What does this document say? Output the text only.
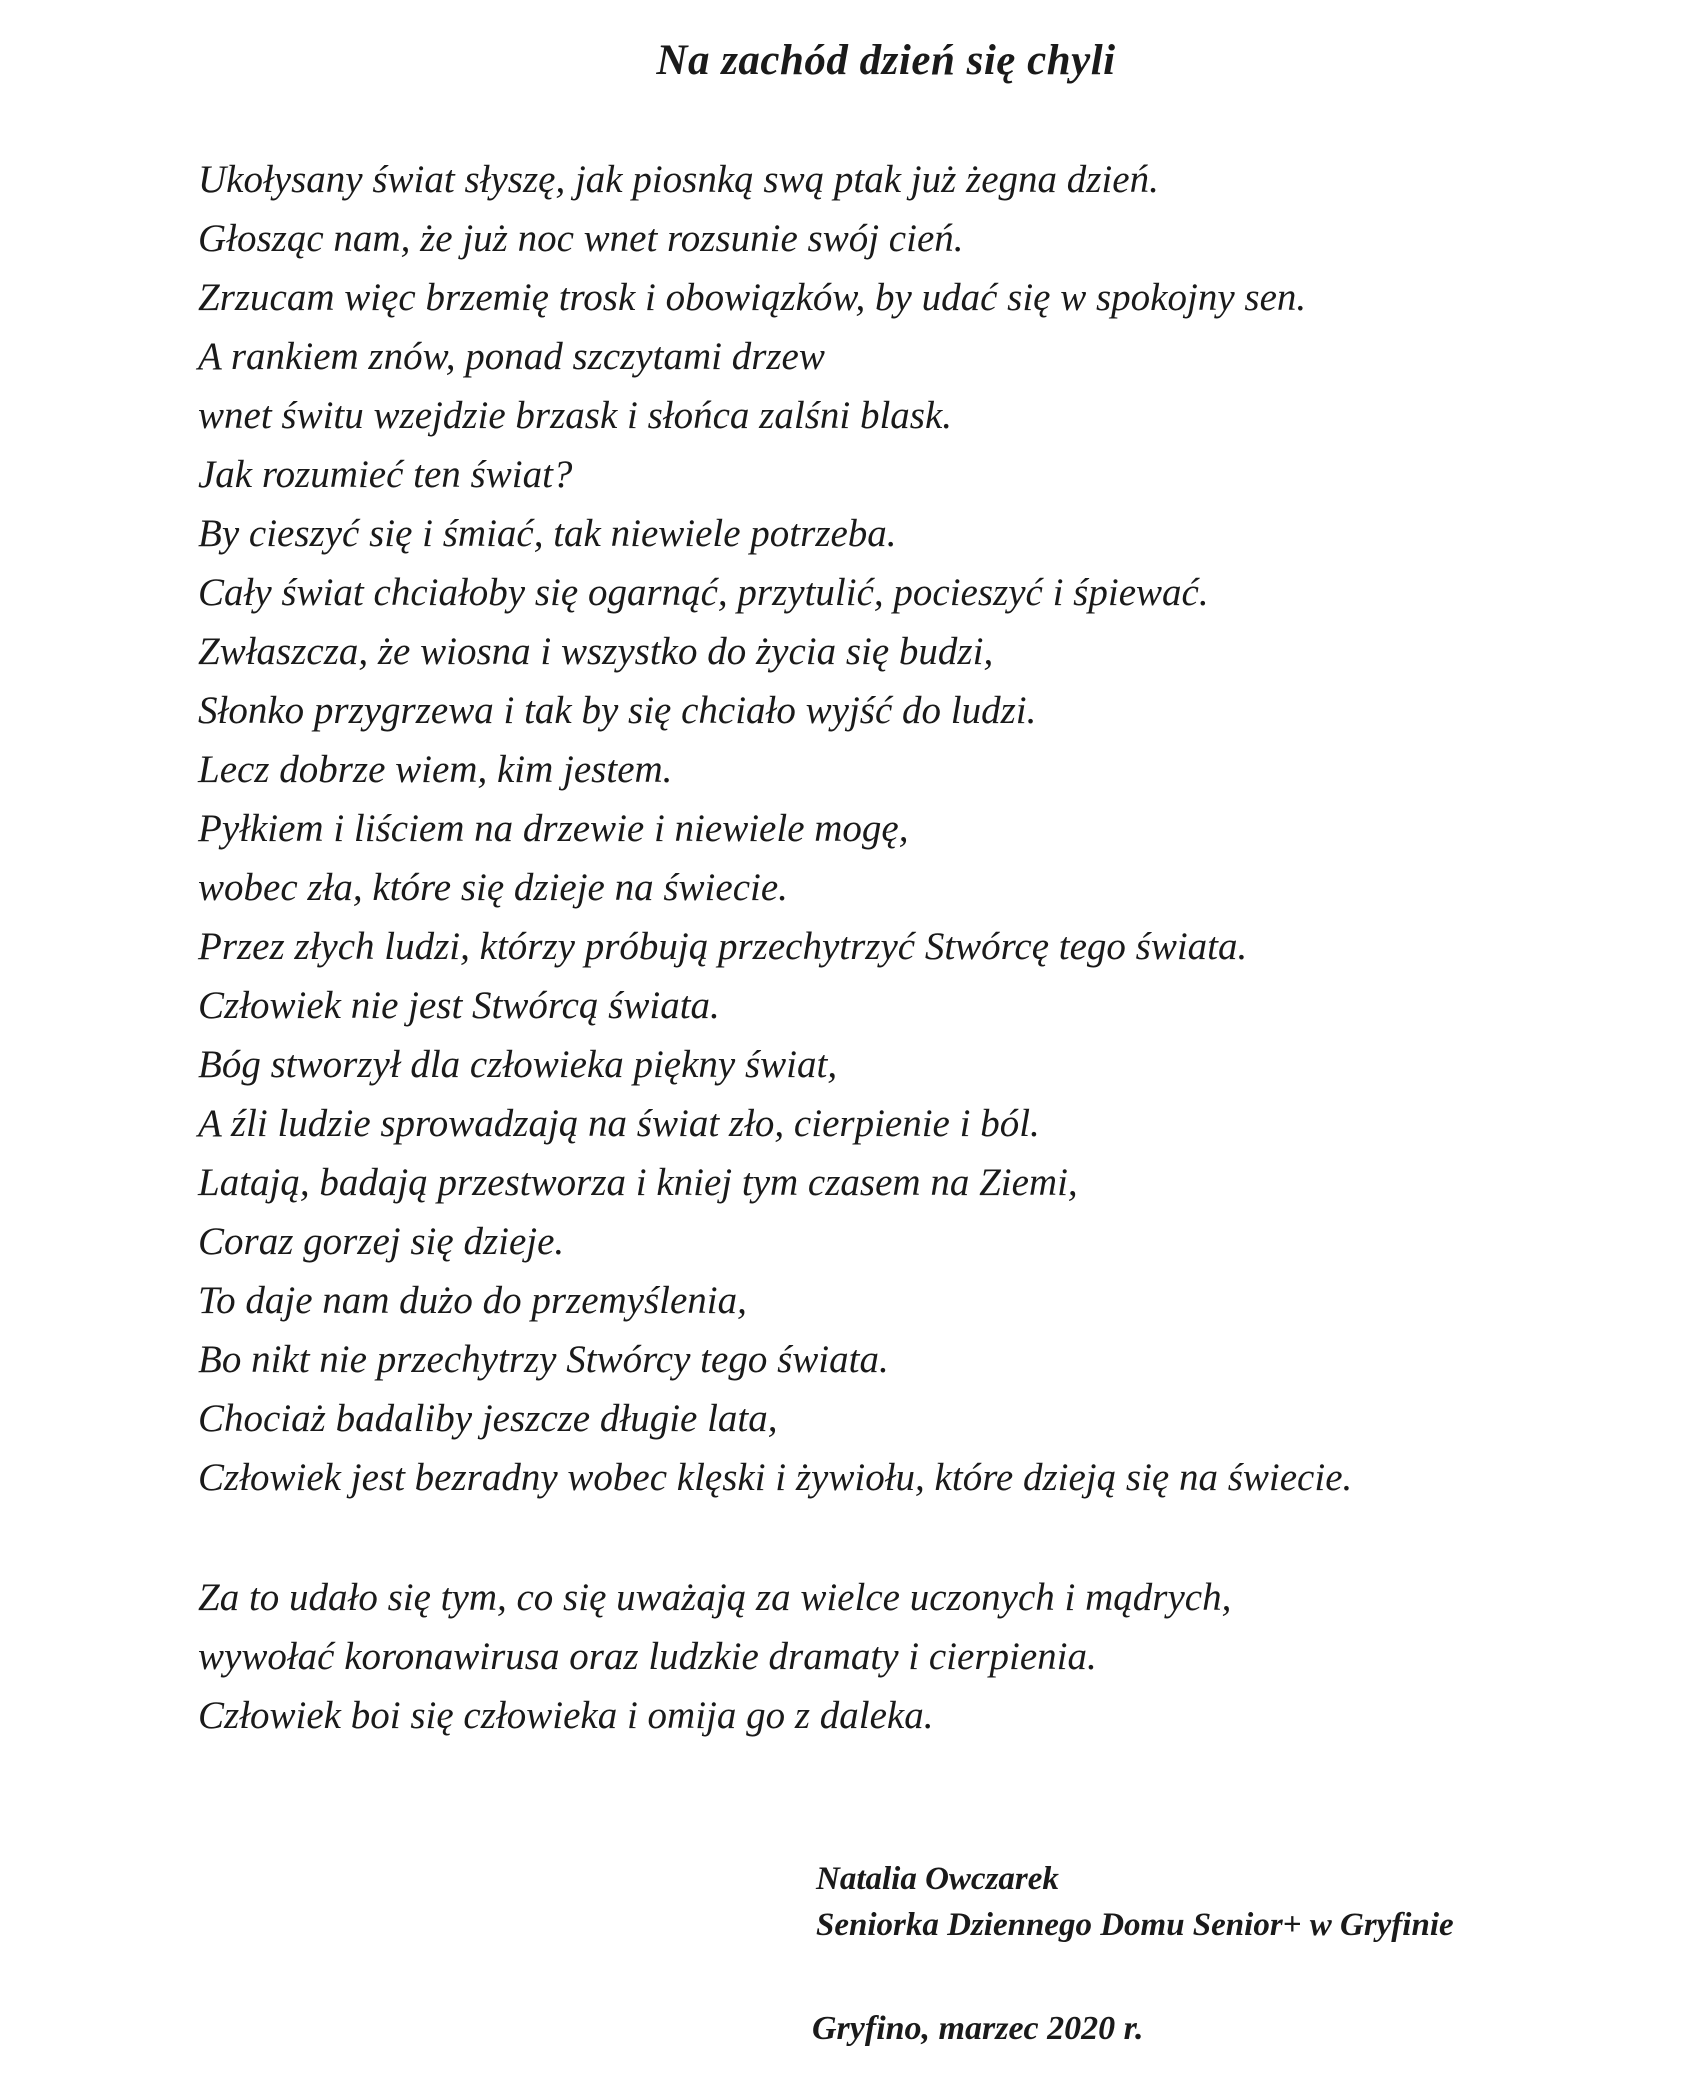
Na zachód dzień się chyli
Ukołysany świat słyszę, jak piosnką swą ptak już żegna dzień.
Głosząc nam, że już noc wnet rozsunie swój cień.
Zrzucam więc brzemię trosk i obowiązków, by udać się w spokojny sen.
A rankiem znów, ponad szczytami drzew
wnet świtu wzejdzie brzask i słońca zalśni blask.
Jak rozumieć ten świat?
By cieszyć się i śmiać, tak niewiele potrzeba.
Cały świat chciałoby się ogarnąć, przytulić, pocieszyć i śpiewać.
Zwłaszcza, że wiosna i wszystko do życia się budzi,
Słonko przygrzewa i tak by się chciało wyjść do ludzi.
Lecz dobrze wiem, kim jestem.
Pyłkiem i liściem na drzewie i niewiele mogę,
wobec zła, które się dzieje na świecie.
Przez złych ludzi, którzy próbują przechytrzyć Stwórcę tego świata.
Człowiek nie jest Stwórcą świata.
Bóg stworzył dla człowieka piękny świat,
A źli ludzie sprowadzają na świat zło, cierpienie i ból.
Latają, badają przestworza i kniej tym czasem na Ziemi,
Coraz gorzej się dzieje.
To daje nam dużo do przemyślenia,
Bo nikt nie przechytrzy Stwórcy tego świata.
Chociaż badaliby jeszcze długie lata,
Człowiek jest bezradny wobec klęski i żywiołu, które dzieją się na świecie.
Za to udało się tym, co się uważają za wielce uczonych i mądrych,
wywołać koronawirusa oraz ludzkie dramaty i cierpienia.
Człowiek boi się człowieka i omija go z daleka.
Natalia Owczarek
Seniorka Dziennego Domu Senior+ w Gryfinie
Gryfino, marzec 2020 r.
